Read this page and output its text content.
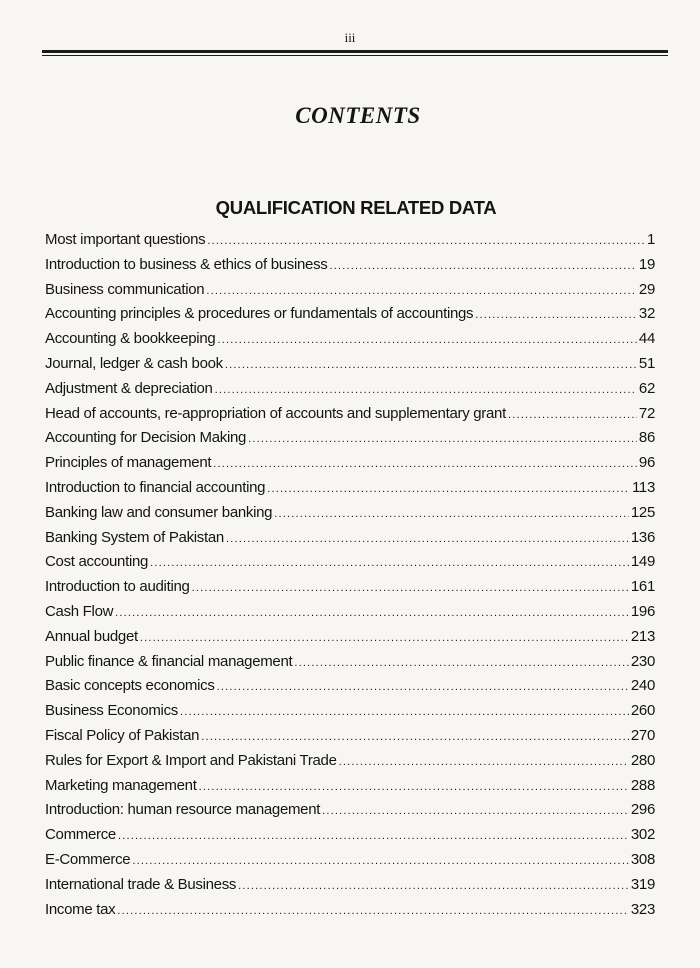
iii
CONTENTS
QUALIFICATION RELATED DATA
Most important questions .....	1
Introduction to business & ethics of business .....	19
Business communication .....	29
Accounting principles & procedures or fundamentals of accountings .....	32
Accounting & bookkeeping .....	44
Journal, ledger & cash book .....	51
Adjustment & depreciation .....	62
Head of accounts, re-appropriation of accounts and supplementary grant .....	72
Accounting for Decision Making .....	86
Principles of management .....	96
Introduction to financial accounting .....	113
Banking law and consumer banking .....	125
Banking System of Pakistan .....	136
Cost accounting .....	149
Introduction to auditing .....	161
Cash Flow .....	196
Annual budget .....	213
Public finance & financial management .....	230
Basic concepts economics .....	240
Business Economics .....	260
Fiscal Policy of Pakistan .....	270
Rules for Export & Import and Pakistani Trade .....	280
Marketing management .....	288
Introduction: human resource management .....	296
Commerce .....	302
E-Commerce .....	308
International trade & Business .....	319
Income tax .....	323
